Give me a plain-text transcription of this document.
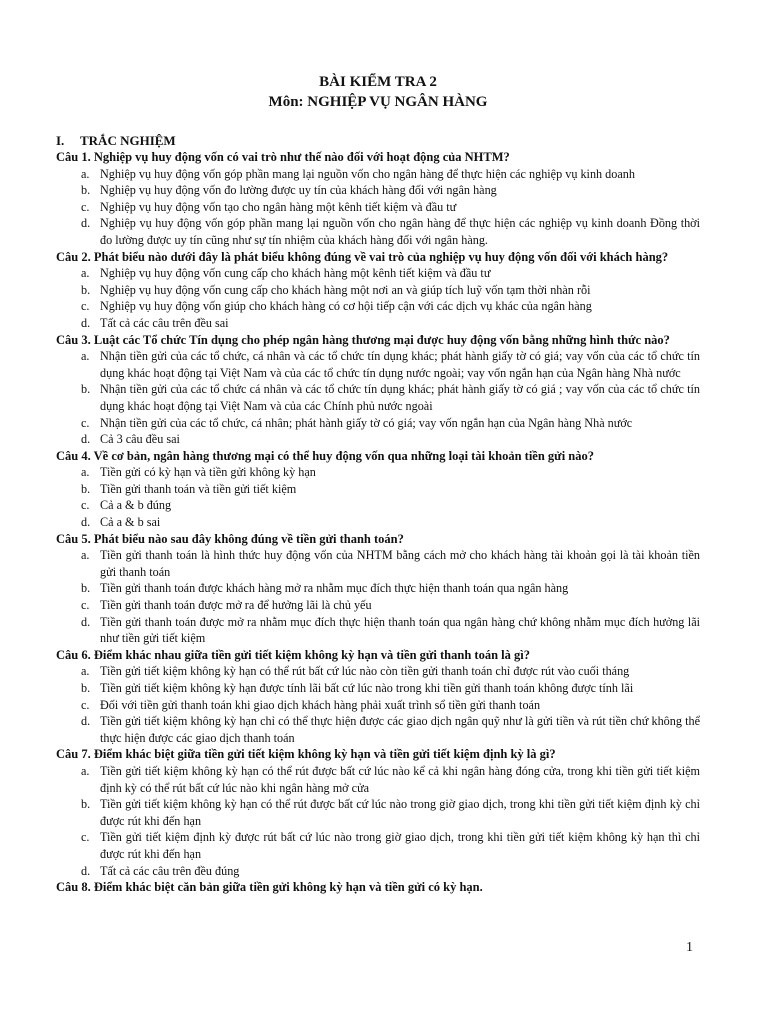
BÀI KIỂM TRA 2
Môn: NGHIỆP VỤ NGÂN HÀNG
I. TRẮC NGHIỆM
Câu 1. Nghiệp vụ huy động vốn có vai trò như thế nào đối với hoạt động của NHTM?
a. Nghiệp vụ huy động vốn góp phần mang lại nguồn vốn cho ngân hàng để thực hiện các nghiệp vụ kinh doanh
b. Nghiệp vụ huy động vốn đo lường được uy tín của khách hàng đối với ngân hàng
c. Nghiệp vụ huy động vốn tạo cho ngân hàng một kênh tiết kiệm và đầu tư
d. Nghiệp vụ huy động vốn góp phần mang lại nguồn vốn cho ngân hàng để thực hiện các nghiệp vụ kinh doanh Đồng thời đo lường được uy tín cũng như sự tín nhiệm của khách hàng đối với ngân hàng.
Câu 2. Phát biểu nào dưới đây là phát biểu không đúng về vai trò của nghiệp vụ huy động vốn đối với khách hàng?
a. Nghiệp vụ huy động vốn cung cấp cho khách hàng một kênh tiết kiệm và đầu tư
b. Nghiệp vụ huy động vốn cung cấp cho khách hàng một nơi an và giúp tích luỹ vốn tạm thời nhàn rỗi
c. Nghiệp vụ huy động vốn giúp cho khách hàng có cơ hội tiếp cận với các dịch vụ khác của ngân hàng
d. Tất cả các câu trên đều sai
Câu 3. Luật các Tổ chức Tín dụng cho phép ngân hàng thương mại được huy động vốn bằng những hình thức nào?
a. Nhận tiền gửi của các tổ chức, cá nhân và các tổ chức tín dụng khác; phát hành giấy tờ có giá; vay vốn của các tổ chức tín dụng khác hoạt động tại Việt Nam và của các tổ chức tín dụng nước ngoài; vay vốn ngắn hạn của Ngân hàng Nhà nước
b. Nhận tiền gửi của các tổ chức cá nhân và các tổ chức tín dụng khác; phát hành giấy tờ có giá ; vay vốn của các tổ chức tín dụng khác hoạt động tại Việt Nam và của các Chính phủ nước ngoài
c. Nhận tiền gửi của các tổ chức, cá nhân; phát hành giấy tờ có giá; vay vốn ngắn hạn của Ngân hàng Nhà nước
d. Cả 3 câu đều sai
Câu 4. Về cơ bản, ngân hàng thương mại có thể huy động vốn qua những loại tài khoản tiền gửi nào?
a. Tiền gửi có kỳ hạn và tiền gửi không kỳ hạn
b. Tiền gửi thanh toán và tiền gửi tiết kiệm
c. Cả a & b đúng
d. Cả a & b sai
Câu 5. Phát biểu nào sau đây không đúng về tiền gửi thanh toán?
a. Tiền gửi thanh toán là hình thức huy động vốn của NHTM bằng cách mở cho khách hàng tài khoản gọi là tài khoản tiền gửi thanh toán
b. Tiền gửi thanh toán được khách hàng mở ra nhằm mục đích thực hiện thanh toán qua ngân hàng
c. Tiền gửi thanh toán được mở ra để hưởng lãi là chủ yếu
d. Tiền gửi thanh toán được mở ra nhằm mục đích thực hiện thanh toán qua ngân hàng chứ không nhằm mục đích hưởng lãi như tiền gửi tiết kiệm
Câu 6. Điểm khác nhau giữa tiền gửi tiết kiệm không kỳ hạn và tiền gửi thanh toán là gì?
a. Tiền gửi tiết kiệm không kỳ hạn có thể rút bất cứ lúc nào còn tiền gửi thanh toán chỉ được rút vào cuối tháng
b. Tiền gửi tiết kiệm không kỳ hạn được tính lãi bất cứ lúc nào trong khi tiền gửi thanh toán không được tính lãi
c. Đối với tiền gửi thanh toán khi giao dịch khách hàng phải xuất trình sổ tiền gửi thanh toán
d. Tiền gửi tiết kiệm không kỳ hạn chỉ có thể thực hiện được các giao dịch ngân quỹ như là gửi tiền và rút tiền chứ không thể thực hiện được các giao dịch thanh toán
Câu 7. Điểm khác biệt giữa tiền gửi tiết kiệm không kỳ hạn và tiền gửi tiết kiệm định kỳ là gì?
a. Tiền gửi tiết kiệm không kỳ hạn có thể rút được bất cứ lúc nào kể cả khi ngân hàng đóng cửa, trong khi tiền gửi tiết kiệm định kỳ có thể rút bất cứ lúc nào khi ngân hàng mở cửa
b. Tiền gửi tiết kiệm không kỳ hạn có thể rút được bất cứ lúc nào trong giờ giao dịch, trong khi tiền gửi tiết kiệm định kỳ chỉ được rút khi đến hạn
c. Tiền gửi tiết kiệm định kỳ được rút bất cứ lúc nào trong giờ giao dịch, trong khi tiền gửi tiết kiệm không kỳ hạn thì chỉ được rút khi đến hạn
d. Tất cả các câu trên đều đúng
Câu 8. Điểm khác biệt căn bản giữa tiền gửi không kỳ hạn và tiền gửi có kỳ hạn.
1
